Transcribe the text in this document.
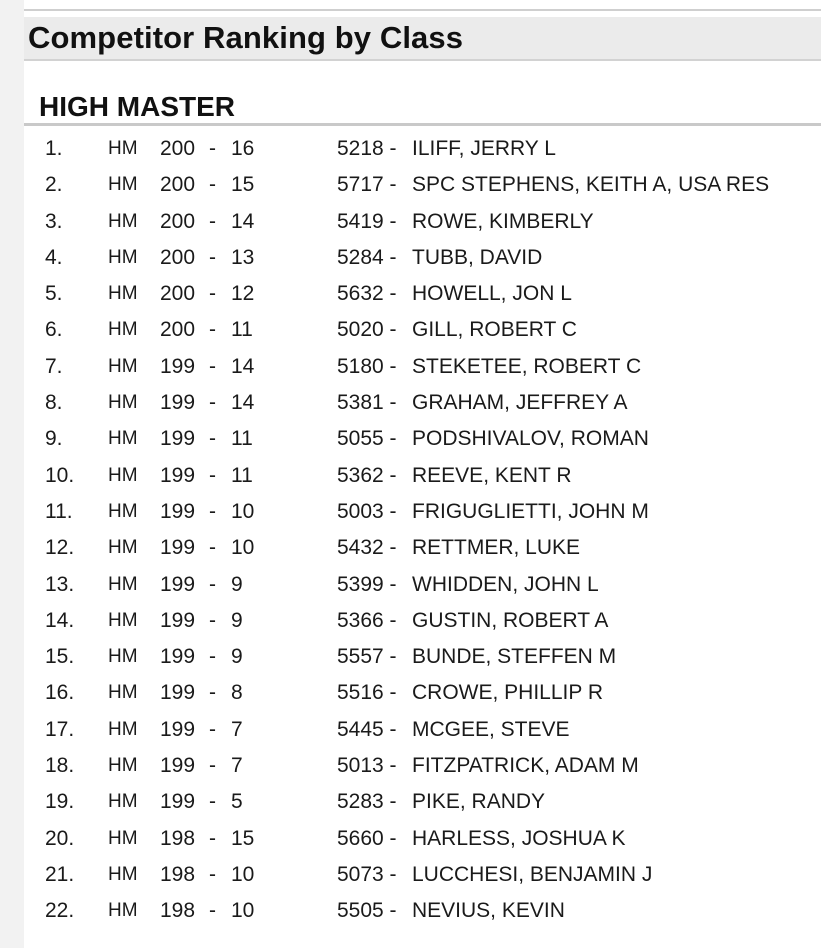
Competitor Ranking by Class
HIGH MASTER
1. HM 200 - 16	5218 - ILIFF, JERRY L
2. HM 200 - 15	5717 - SPC STEPHENS, KEITH A, USA RES
3. HM 200 - 14	5419 - ROWE, KIMBERLY
4. HM 200 - 13	5284 - TUBB, DAVID
5. HM 200 - 12	5632 - HOWELL, JON L
6. HM 200 - 11	5020 - GILL, ROBERT C
7. HM 199 - 14	5180 - STEKETEE, ROBERT C
8. HM 199 - 14	5381 - GRAHAM, JEFFREY A
9. HM 199 - 11	5055 - PODSHIVALOV, ROMAN
10. HM 199 - 11	5362 - REEVE, KENT R
11. HM 199 - 10	5003 - FRIGUGLIETTI, JOHN M
12. HM 199 - 10	5432 - RETTMER, LUKE
13. HM 199 - 9	5399 - WHIDDEN, JOHN L
14. HM 199 - 9	5366 - GUSTIN, ROBERT A
15. HM 199 - 9	5557 - BUNDE, STEFFEN M
16. HM 199 - 8	5516 - CROWE, PHILLIP R
17. HM 199 - 7	5445 - MCGEE, STEVE
18. HM 199 - 7	5013 - FITZPATRICK, ADAM M
19. HM 199 - 5	5283 - PIKE, RANDY
20. HM 198 - 15	5660 - HARLESS, JOSHUA K
21. HM 198 - 10	5073 - LUCCHESI, BENJAMIN J
22. HM 198 - 10	5505 - NEVIUS, KEVIN
